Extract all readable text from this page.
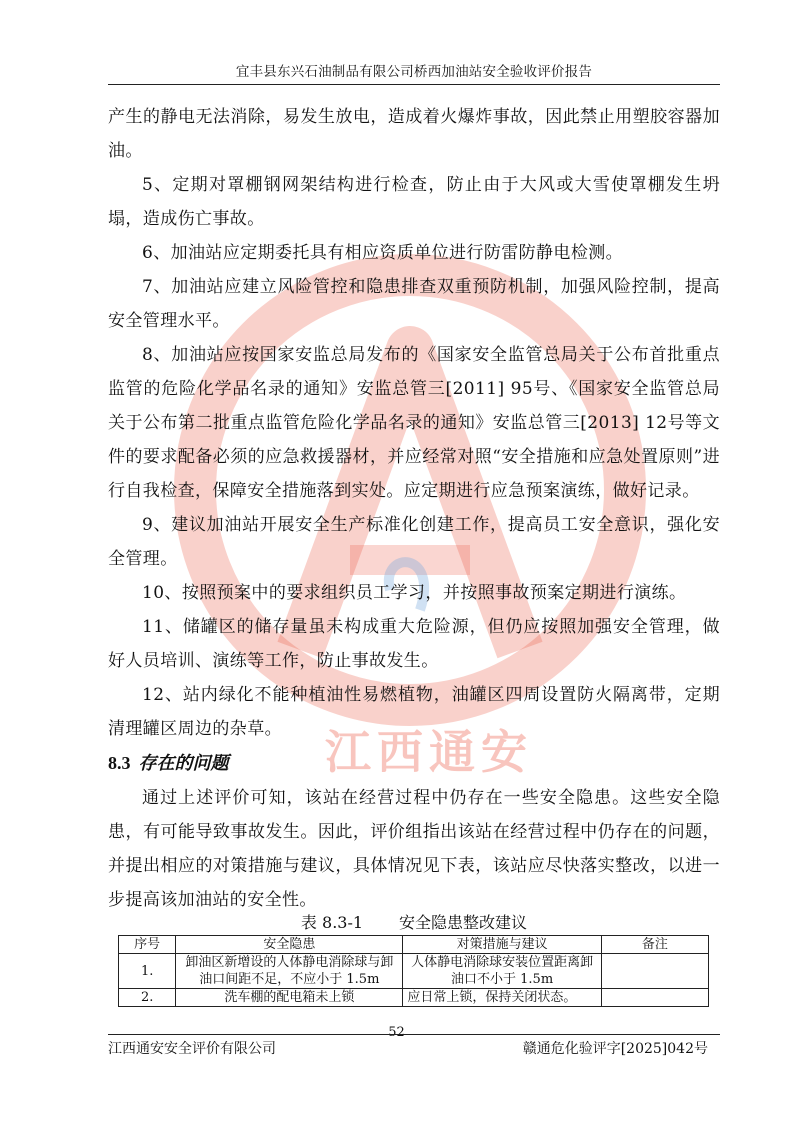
宜丰县东兴石油制品有限公司桥西加油站安全验收评价报告
江西通安

产生的静电无法消除，易发生放电，造成着火爆炸事故，因此禁止用塑胶容器加油。

5、定期对罩棚钢网架结构进行检查，防止由于大风或大雪使罩棚发生坍塌，造成伤亡事故。

6、加油站应定期委托具有相应资质单位进行防雷防静电检测。

7、加油站应建立风险管控和隐患排查双重预防机制，加强风险控制，提高安全管理水平。

8、加油站应按国家安监总局发布的《国家安全监管总局关于公布首批重点监管的危险化学品名录的通知》安监总管三[2011] 95号、《国家安全监管总局关于公布第二批重点监管危险化学品名录的通知》安监总管三[2013] 12号等文件的要求配备必须的应急救援器材，并应经常对照“安全措施和应急处置原则”进行自我检查，保障安全措施落到实处。应定期进行应急预案演练，做好记录。

9、建议加油站开展安全生产标准化创建工作，提高员工安全意识，强化安全管理。

10、按照预案中的要求组织员工学习，并按照事故预案定期进行演练。

11、储罐区的储存量虽未构成重大危险源，但仍应按照加强安全管理，做好人员培训、演练等工作，防止事故发生。

12、站内绿化不能种植油性易燃植物，油罐区四周设置防火隔离带，定期清理罐区周边的杂草。

8.3 存在的问题

通过上述评价可知，该站在经营过程中仍存在一些安全隐患。这些安全隐患，有可能导致事故发生。因此，评价组指出该站在经营过程中仍存在的问题，并提出相应的对策措施与建议，具体情况见下表，该站应尽快落实整改，以进一步提高该加油站的安全性。

表 8.3-1 安全隐患整改建议
序号	安全隐患	对策措施与建议	备注
1.	卸油区新增设的人体静电消除球与卸油口间距不足，不应小于 1.5m	人体静电消除球安装位置距离卸油口不小于 1.5m	
2.	洗车棚的配电箱未上锁	应日常上锁，保持关闭状态。	
52
江西通安安全评价有限公司	赣通危化验评字[2025]042号
